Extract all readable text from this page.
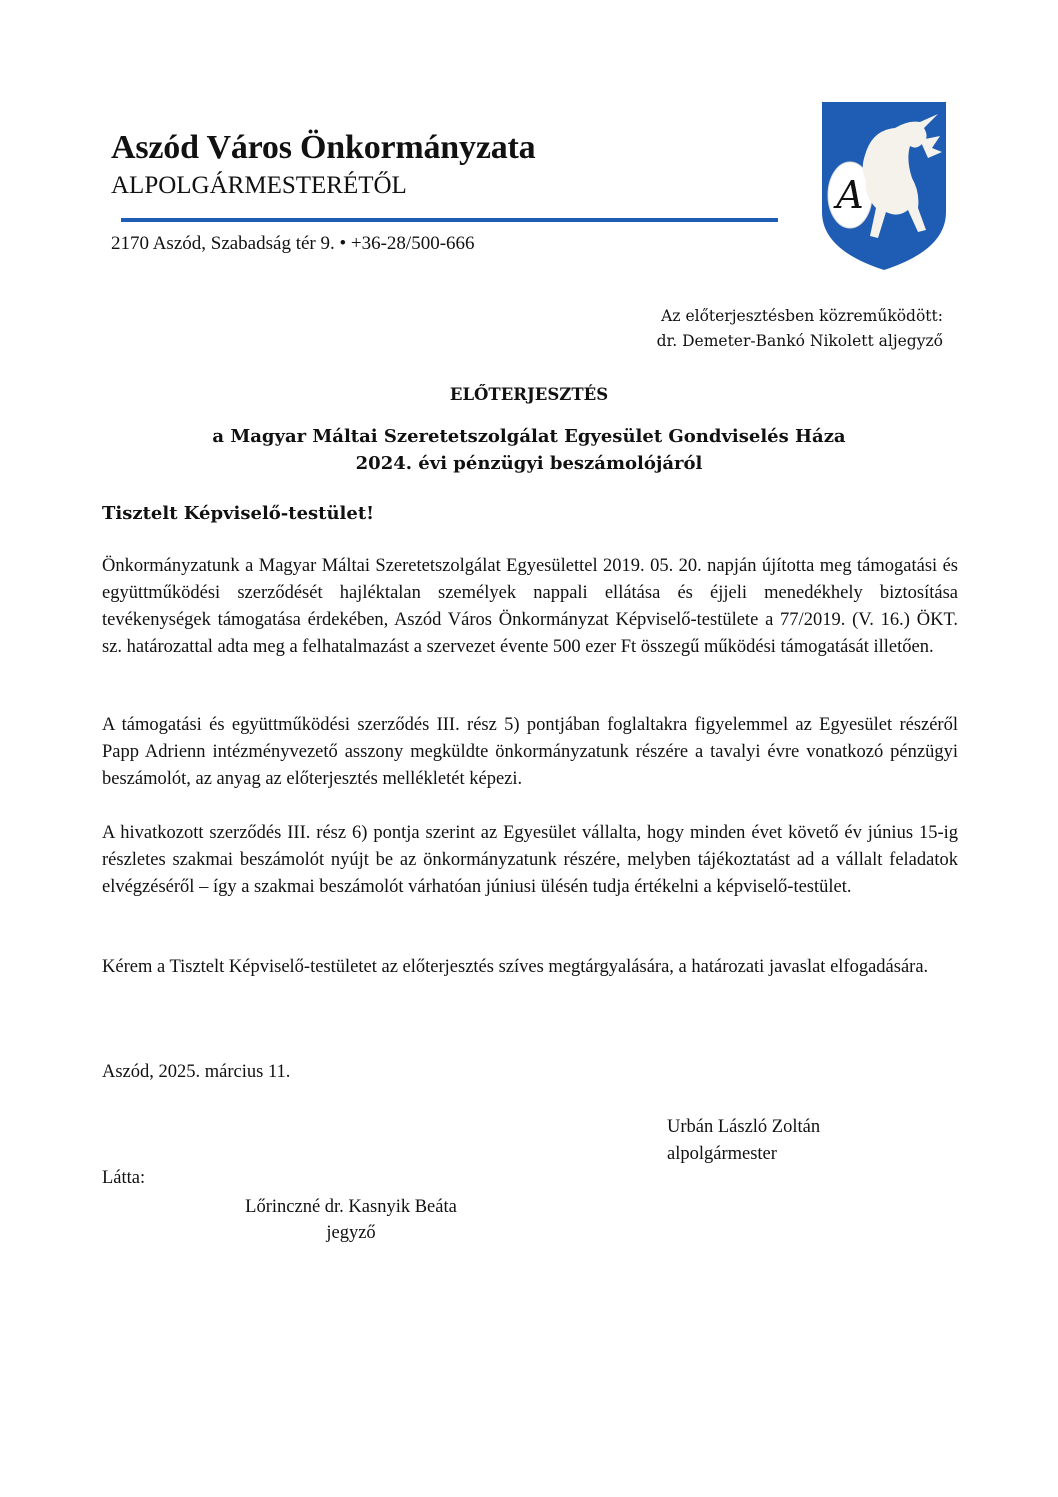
Aszód Város Önkormányzata
ALPOLGÁRMESTERÉTŐL
2170 Aszód, Szabadság tér 9. • +36-28/500-666
A
Az előterjesztésben közreműködött:
dr. Demeter-Bankó Nikolett aljegyző
ELŐTERJESZTÉS
a Magyar Máltai Szeretetszolgálat Egyesület Gondviselés Háza
2024. évi pénzügyi beszámolójáról
Tisztelt Képviselő-testület!
Önkormányzatunk a Magyar Máltai Szeretetszolgálat Egyesülettel 2019. 05. 20. napján újította meg támogatási és együttműködési szerződését hajléktalan személyek nappali ellátása és éjjeli menedékhely biztosítása tevékenységek támogatása érdekében, Aszód Város Önkormányzat Képviselő-testülete a 77/2019. (V. 16.) ÖKT. sz. határozattal adta meg a felhatalmazást a szervezet évente 500 ezer Ft összegű működési támogatását illetően.
A támogatási és együttműködési szerződés III. rész 5) pontjában foglaltakra figyelemmel az Egyesület részéről Papp Adrienn intézményvezető asszony megküldte önkormányzatunk részére a tavalyi évre vonatkozó pénzügyi beszámolót, az anyag az előterjesztés mellékletét képezi.
A hivatkozott szerződés III. rész 6) pontja szerint az Egyesület vállalta, hogy minden évet követő év június 15-ig részletes szakmai beszámolót nyújt be az önkormányzatunk részére, melyben tájékoztatást ad a vállalt feladatok elvégzéséről – így a szakmai beszámolót várhatóan júniusi ülésén tudja értékelni a képviselő-testület.
Kérem a Tisztelt Képviselő-testületet az előterjesztés szíves megtárgyalására, a határozati javaslat elfogadására.
Aszód, 2025. március 11.
Urbán László Zoltán
alpolgármester
Látta:
Lőrinczné dr. Kasnyik Beáta
jegyző
